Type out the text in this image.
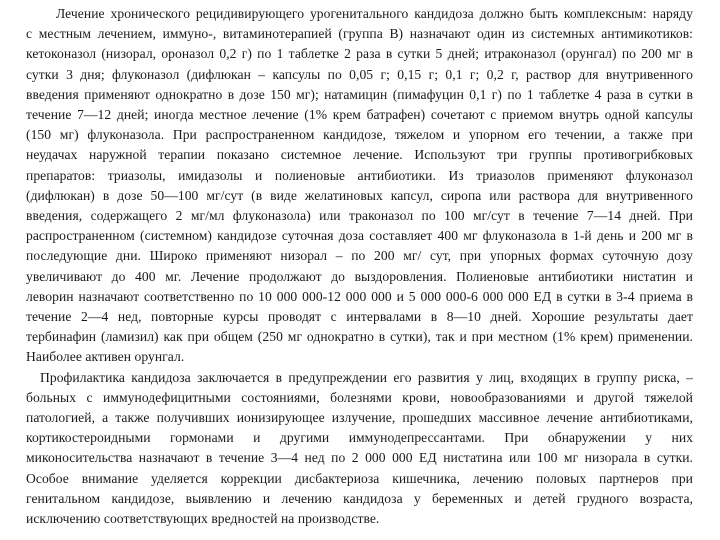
Лечение хронического рецидивирующего урогенитального кандидоза должно быть комплексным: наряду
с местным лечением, иммуно-, витаминотерапией (группа В) назначают один из системных антимикотиков:
кетоконазол (низорал, ороназол 0,2 г) по 1 таблетке 2 раза в сутки 5 дней; итраконазол (орунгал) по 200 мг в
сутки 3 дня; флуконазол (дифлюкан – капсулы по 0,05 г; 0,15 г; 0,1 г; 0,2 г, раствор для внутривенного
введения применяют однократно в дозе 150 мг); натамицин (пимафуцин 0,1 г) по 1 таблетке 4 раза в сутки в
течение 7—12 дней; иногда местное лечение (1% крем батрафен) сочетают с приемом внутрь одной капсулы
(150 мг) флуконазола. При распространенном кандидозе, тяжелом и упорном его течении, а также при
неудачах наружной терапии показано системное лечение. Используют три группы противогрибковых
препаратов: триазолы, имидазолы и полиеновые антибиотики. Из триазолов применяют флуконазол
(дифлюкан) в дозе 50—100 мг/сут (в виде желатиновых капсул, сиропа или раствора для внутривенного
введения, содержащего 2 мг/мл флуконазола) или траконазол по 100 мг/сут в течение 7—14 дней. При
распространенном (системном) кандидозе суточная доза составляет 400 мг флуконазола в 1-й день и 200 мг в
последующие дни. Широко применяют низорал – по 200 мг/ сут, при упорных формах суточную дозу
увеличивают до 400 мг. Лечение продолжают до выздоровления. Полиеновые антибиотики нистатин и
леворин назначают соответственно по 10 000 000-12 000 000 и 5 000 000-6 000 000 ЕД в сутки в 3-4 приема в
течение 2—4 нед, повторные курсы проводят с интервалами в 8—10 дней. Хорошие результаты дает
тербинафин (ламизил) как при общем (250 мг однократно в сутки), так и при местном (1% крем) применении.
Наиболее активен орунгал.

Профилактика кандидоза заключается в предупреждении его развития у лиц, входящих в группу риска, –
больных с иммунодефицитными состояниями, болезнями крови, новообразованиями и другой тяжелой
патологией, а также получивших ионизирующее излучение, прошедших массивное лечение антибиотиками,
кортикостероидными гормонами и другими иммунодепрессантами. При обнаружении у них
миконосительства назначают в течение 3—4 нед по 2 000 000 ЕД нистатина или 100 мг низорала в сутки.
Особое внимание уделяется коррекции дисбактериоза кишечника, лечению половых партнеров при
генитальном кандидозе, выявлению и лечению кандидоза у беременных и детей грудного возраста,
исключению соответствующих вредностей на производстве.
